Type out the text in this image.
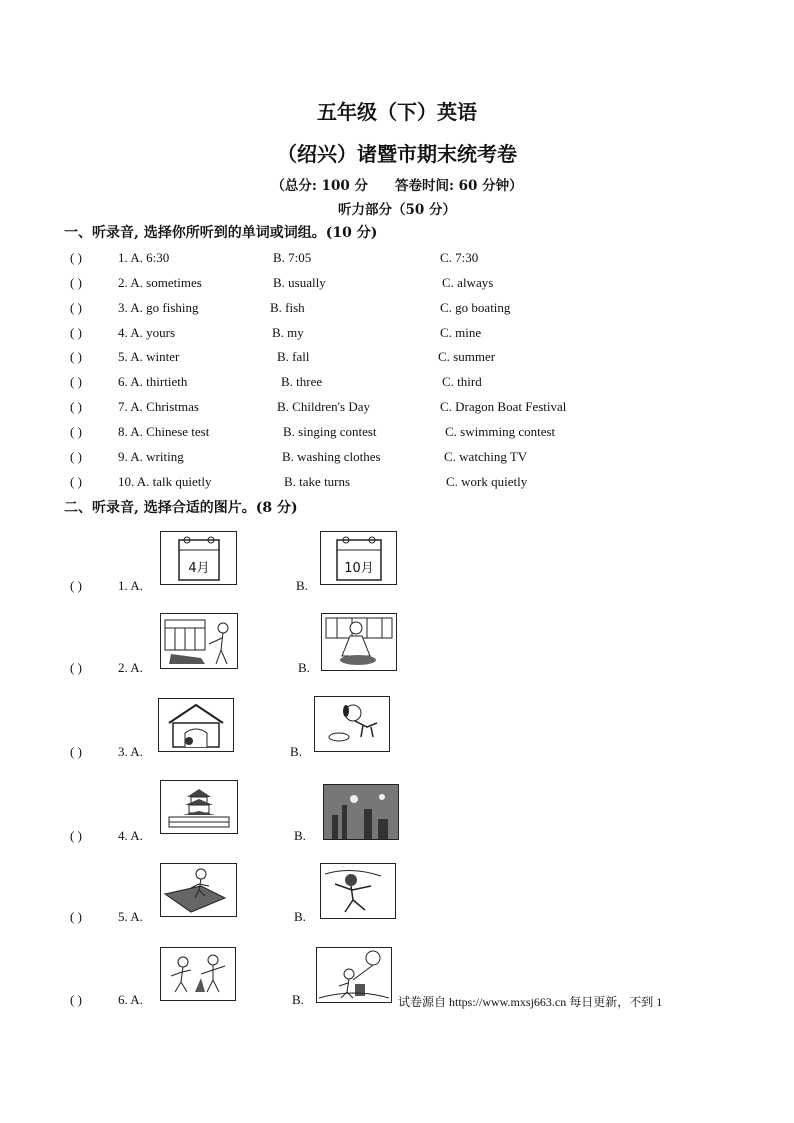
五年级（下）英语
（绍兴）诸暨市期末统考卷
（总分: 100 分　　答卷时间: 60 分钟）
听力部分（50 分）
一、听录音, 选择你所听到的单词或词组。(10 分)
( )	1. A. 6:30	B. 7:05	C. 7:30
( )	2. A. sometimes	B. usually	C. always
( )	3. A. go fishing	B. fish	C. go boating
( )	4. A. yours	B. my	C. mine
( )	5. A. winter	B. fall	C. summer
( )	6. A. thirtieth	B. three	C. third
( )	7. A. Christmas	B. Children's Day	C. Dragon Boat Festival
( )	8. A. Chinese test	B. singing contest	C. swimming contest
( )	9. A. writing	B. washing clothes	C. watching TV
( )	10. A. talk quietly	B. take turns	C. work quietly
二、听录音, 选择合适的图片。(8 分)
( )	1. A.	B.
( )	2. A.	B.
( )	3. A.	B.
( )	4. A.	B.
( )	5. A.	B.
( )	6. A.	B.
4月	10月
试卷源自 https://www.mxsj663.cn 每日更新，不到 1
